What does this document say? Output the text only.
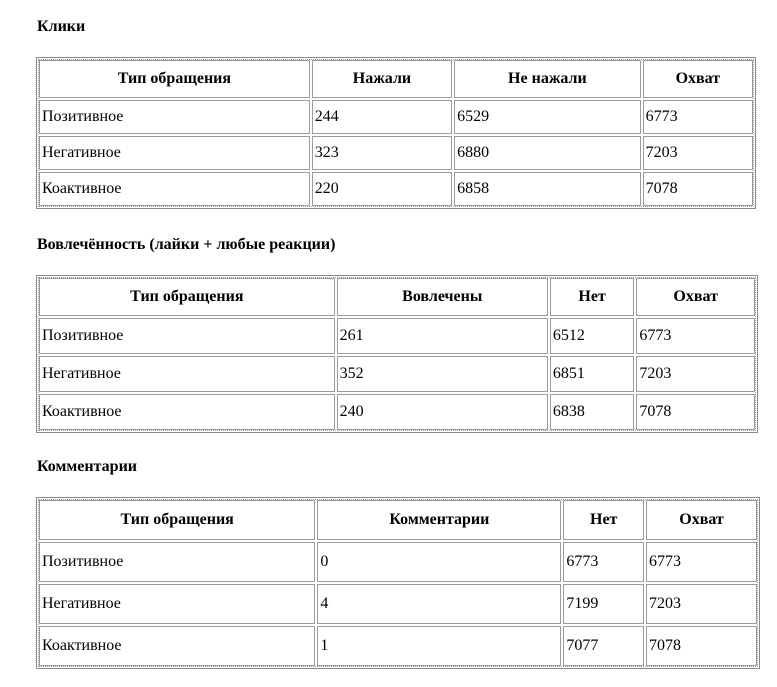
Клики
Тип обращения	Нажали	Не нажали	Охват
Позитивное	244	6529	6773
Негативное	323	6880	7203
Коактивное	220	6858	7078
Вовлечённость (лайки + любые реакции)
Тип обращения	Вовлечены	Нет	Охват
Позитивное	261	6512	6773
Негативное	352	6851	7203
Коактивное	240	6838	7078
Комментарии
Тип обращения	Комментарии	Нет	Охват
Позитивное	0	6773	6773
Негативное	4	7199	7203
Коактивное	1	7077	7078
